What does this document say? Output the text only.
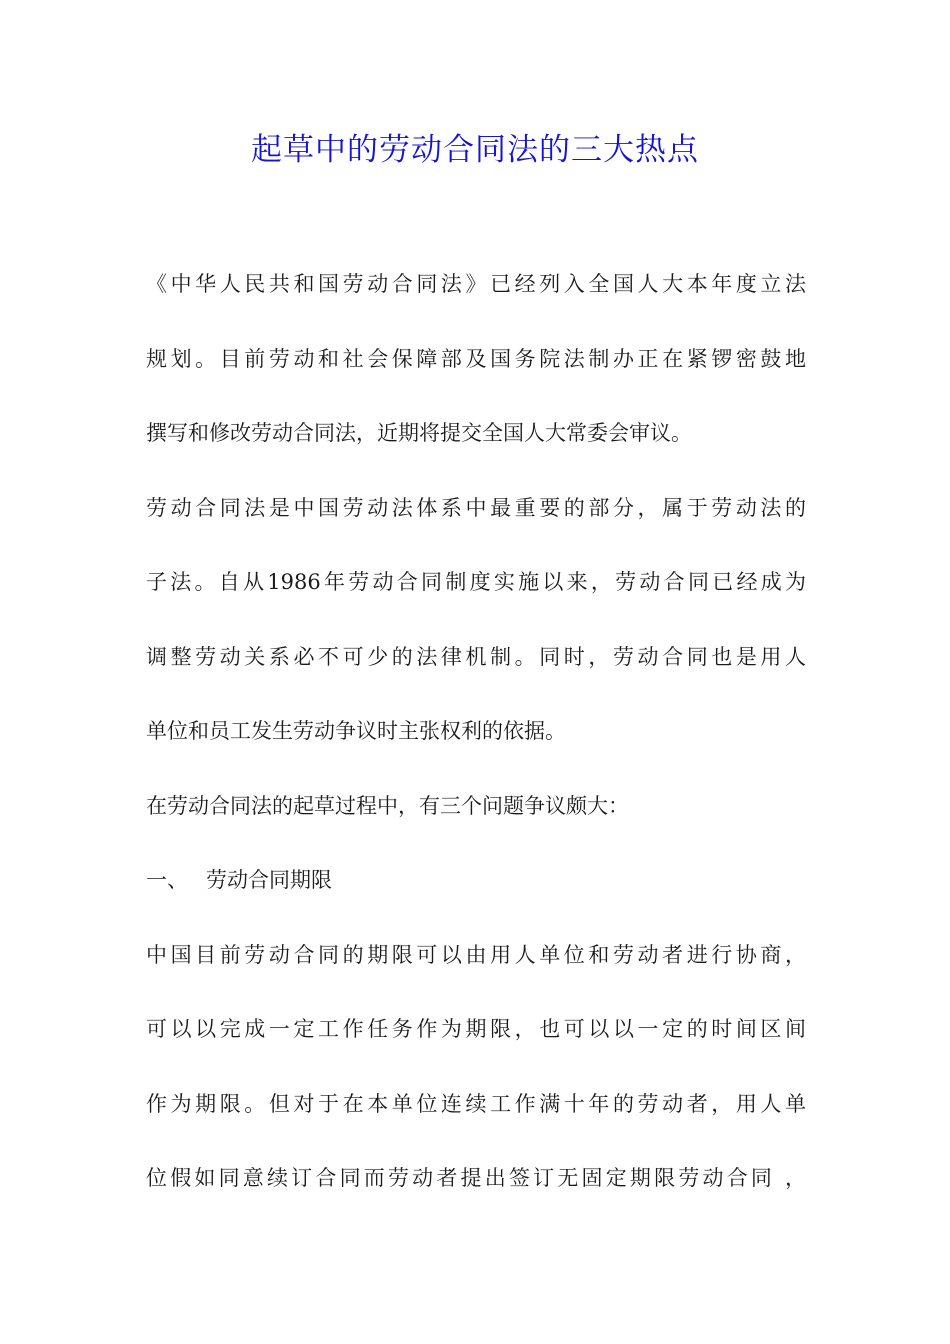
起草中的劳动合同法的三大热点
《中华人民共和国劳动合同法》已经列入全国人大本年度立法
规划。目前劳动和社会保障部及国务院法制办正在紧锣密鼓地
撰写和修改劳动合同法，近期将提交全国人大常委会审议。
劳动合同法是中国劳动法体系中最重要的部分，属于劳动法的
子法。自从1986年劳动合同制度实施以来，劳动合同已经成为
调整劳动关系必不可少的法律机制。同时，劳动合同也是用人
单位和员工发生劳动争议时主张权利的依据。
在劳动合同法的起草过程中，有三个问题争议颇大：
一、 劳动合同期限
中国目前劳动合同的期限可以由用人单位和劳动者进行协商，
可以以完成一定工作任务作为期限，也可以以一定的时间区间
作为期限。但对于在本单位连续工作满十年的劳动者，用人单
位假如同意续订合同而劳动者提出签订无固定期限劳动合同 ，
